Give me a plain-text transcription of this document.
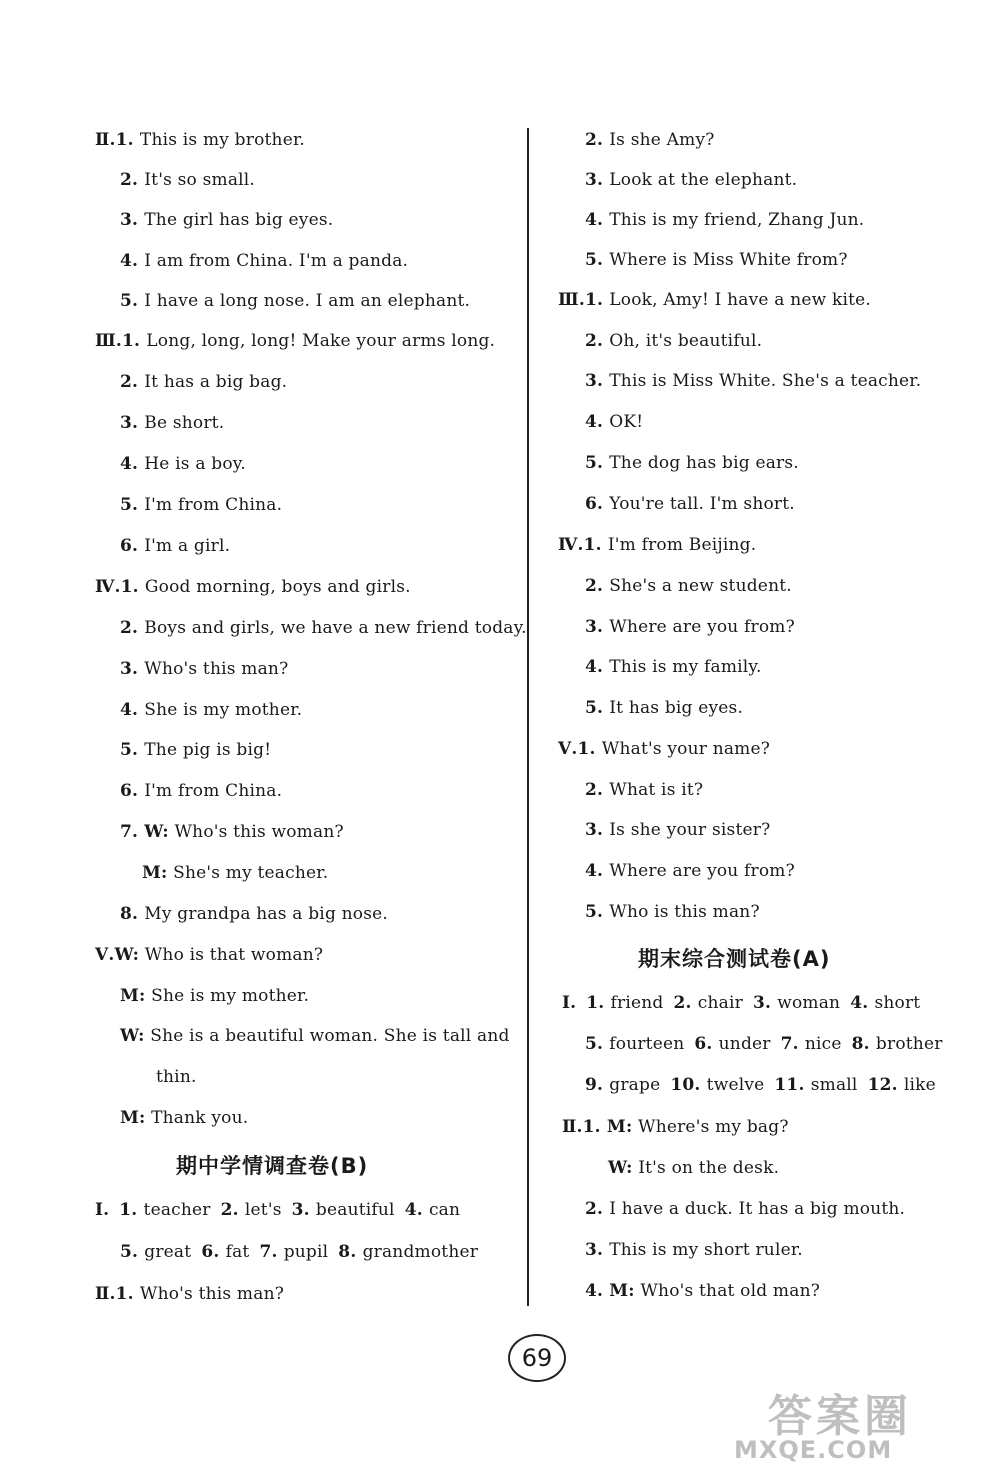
Ⅱ.1. This is my brother.
2. It's so small.
3. The girl has big eyes.
4. I am from China. I'm a panda.
5. I have a long nose. I am an elephant.
Ⅲ.1. Long, long, long! Make your arms long.
2. It has a big bag.
3. Be short.
4. He is a boy.
5. I'm from China.
6. I'm a girl.
Ⅳ.1. Good morning, boys and girls.
2. Boys and girls, we have a new friend today.
3. Who's this man?
4. She is my mother.
5. The pig is big!
6. I'm from China.
7. W: Who's this woman?
M: She's my teacher.
8. My grandpa has a big nose.
Ⅴ.W: Who is that woman?
M: She is my mother.
W: She is a beautiful woman. She is tall and
thin.
M: Thank you.
期中学情调查卷(B)
Ⅰ. 1. teacher 2. let's 3. beautiful 4. can
5. great 6. fat 7. pupil 8. grandmother
Ⅱ.1. Who's this man?
2. Is she Amy?
3. Look at the elephant.
4. This is my friend, Zhang Jun.
5. Where is Miss White from?
Ⅲ.1. Look, Amy! I have a new kite.
2. Oh, it's beautiful.
3. This is Miss White. She's a teacher.
4. OK!
5. The dog has big ears.
6. You're tall. I'm short.
Ⅳ.1. I'm from Beijing.
2. She's a new student.
3. Where are you from?
4. This is my family.
5. It has big eyes.
Ⅴ.1. What's your name?
2. What is it?
3. Is she your sister?
4. Where are you from?
5. Who is this man?
期末综合测试卷(A)
Ⅰ. 1. friend 2. chair 3. woman 4. short
5. fourteen 6. under 7. nice 8. brother
9. grape 10. twelve 11. small 12. like
Ⅱ.1. M: Where's my bag?
W: It's on the desk.
2. I have a duck. It has a big mouth.
3. This is my short ruler.
4. M: Who's that old man?
69
答案圈
MXQE.COM
